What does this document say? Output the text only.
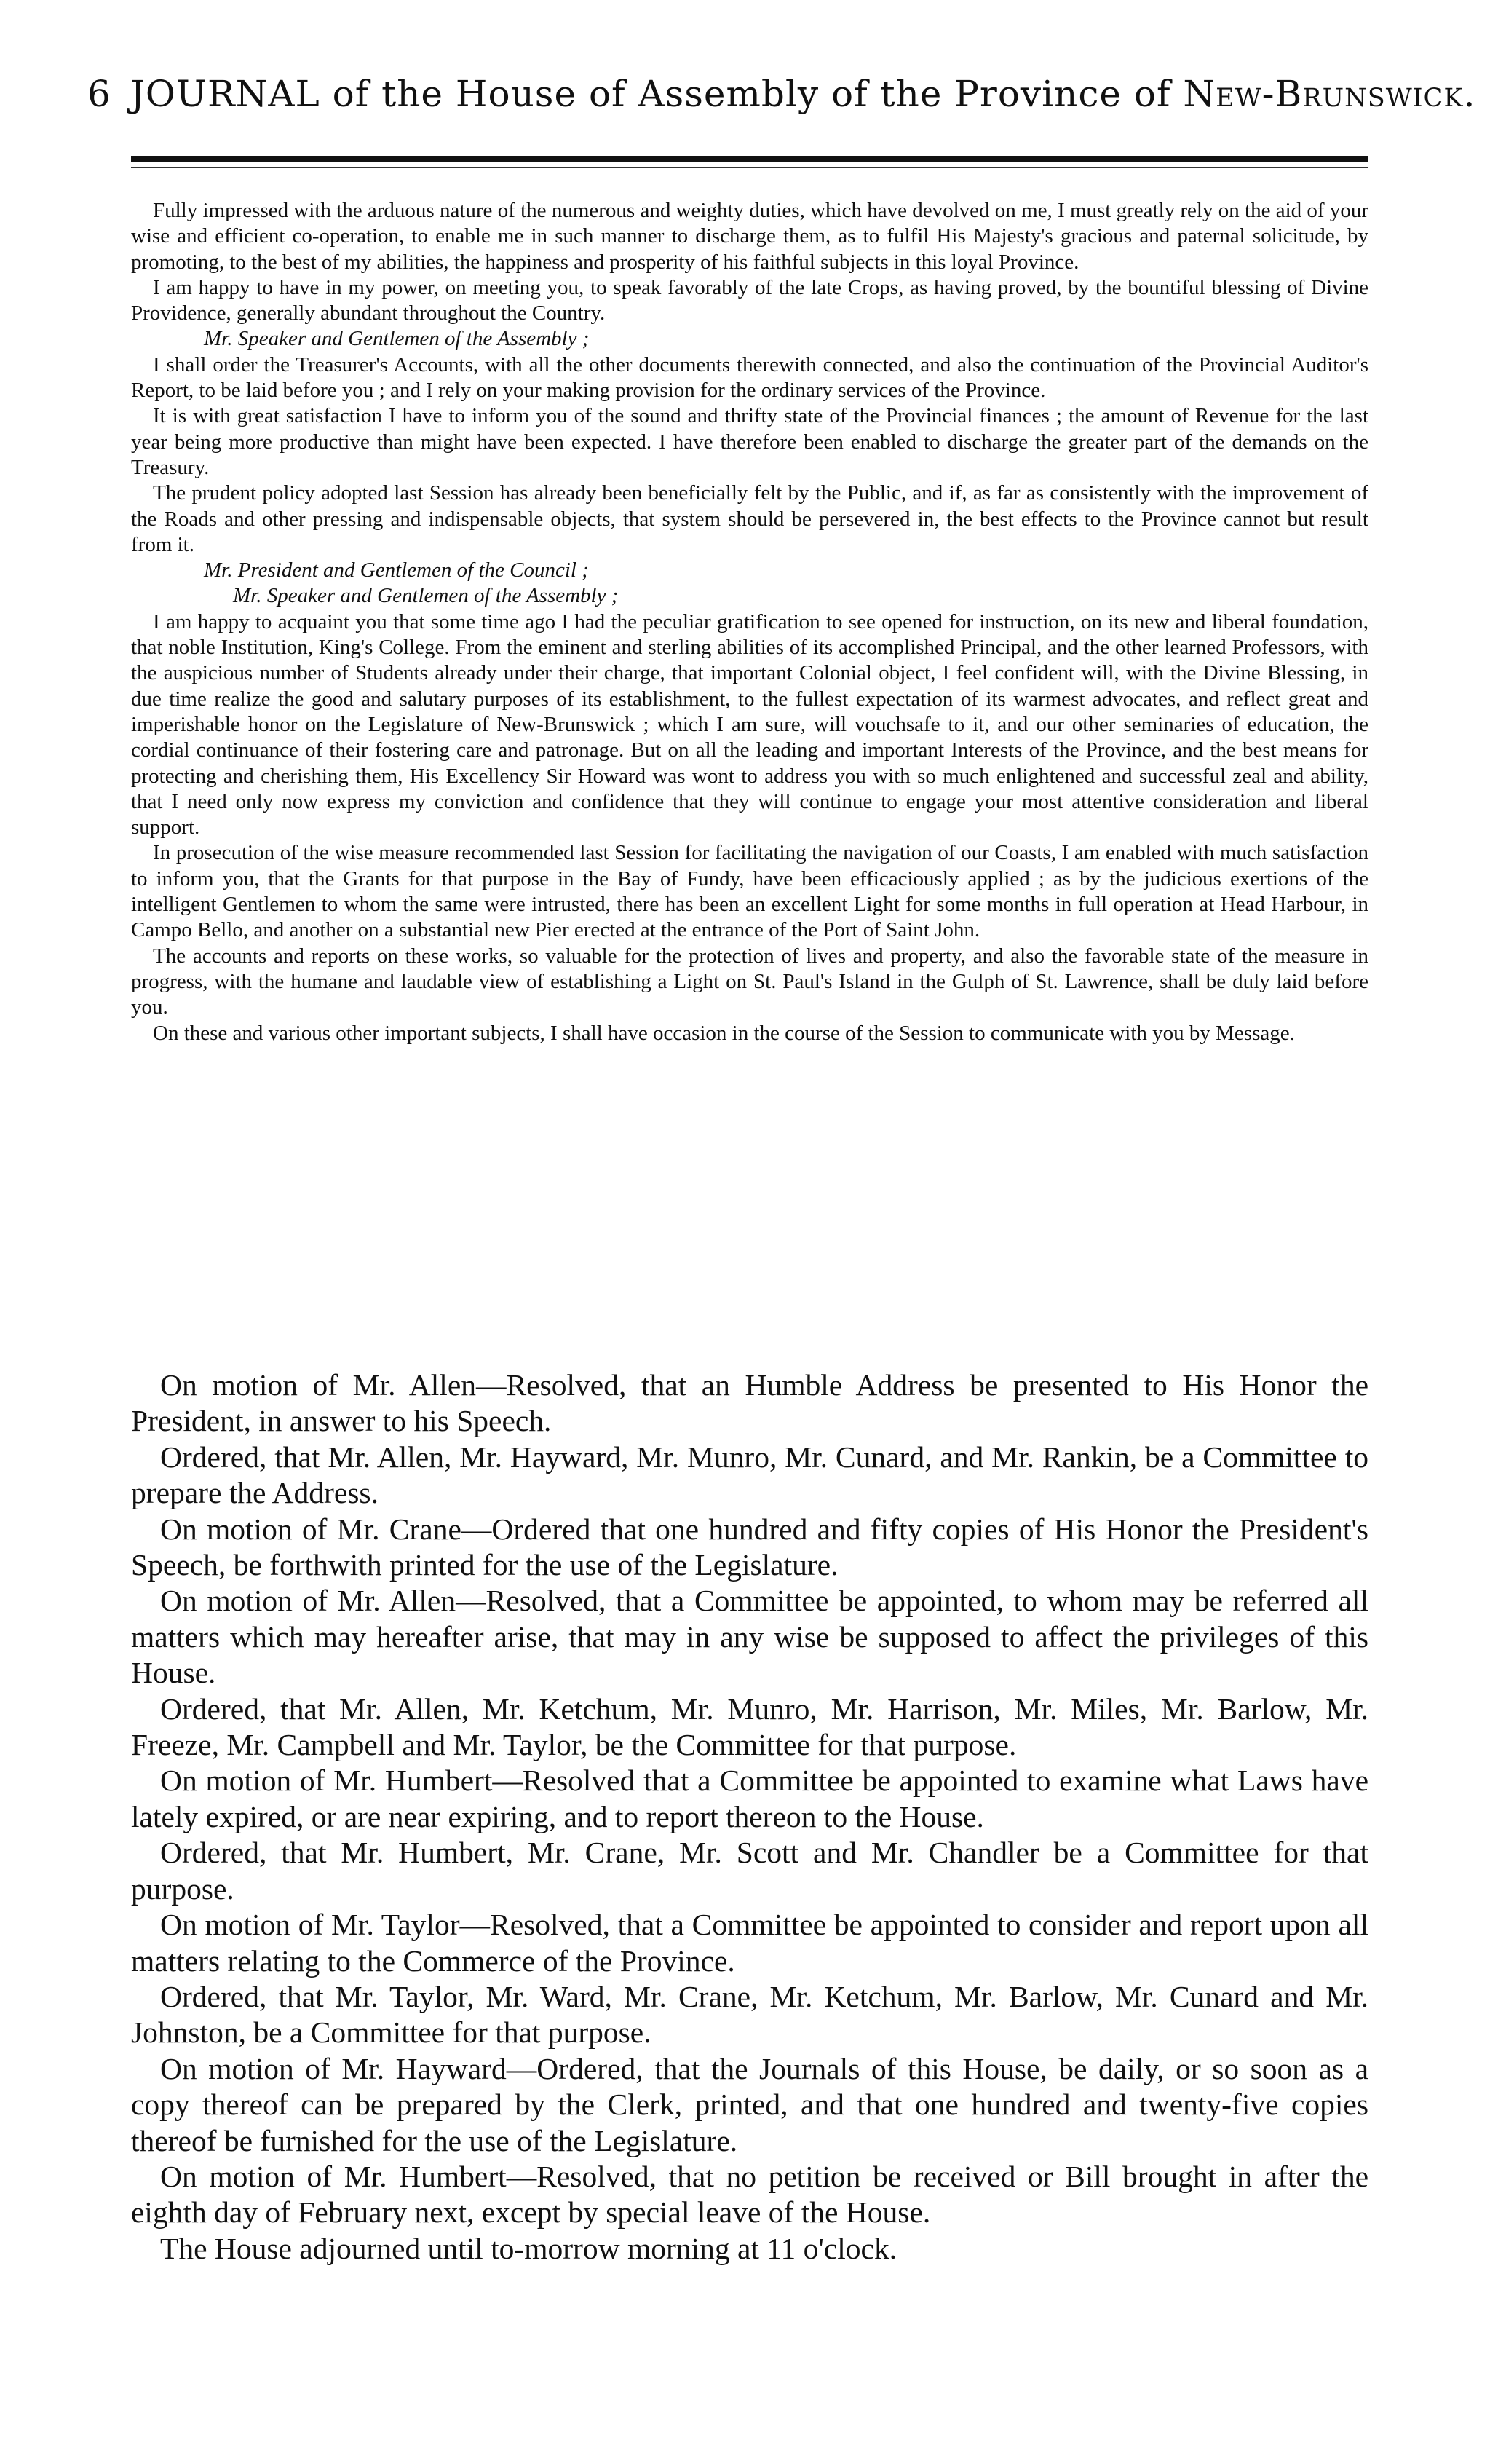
6 JOURNAL of the House of Assembly of the Province of New-Brunswick.

Fully impressed with the arduous nature of the numerous and weighty duties, which have devolved on me, I must greatly rely on the aid of your wise and efficient co-operation, to enable me in such manner to discharge them, as to fulfil His Majesty's gracious and paternal solicitude, by promoting, to the best of my abilities, the happiness and prosperity of his faithful subjects in this loyal Province.

I am happy to have in my power, on meeting you, to speak favorably of the late Crops, as having proved, by the bountiful blessing of Divine Providence, generally abundant throughout the Country.

Mr. Speaker and Gentlemen of the Assembly ;

I shall order the Treasurer's Accounts, with all the other documents therewith connected, and also the continuation of the Provincial Auditor's Report, to be laid before you ; and I rely on your making provision for the ordinary services of the Province.

It is with great satisfaction I have to inform you of the sound and thrifty state of the Provincial finances ; the amount of Revenue for the last year being more productive than might have been expected. I have therefore been enabled to discharge the greater part of the demands on the Treasury.

The prudent policy adopted last Session has already been beneficially felt by the Public, and if, as far as consistently with the improvement of the Roads and other pressing and indispensable objects, that system should be persevered in, the best effects to the Province cannot but result from it.

Mr. President and Gentlemen of the Council ;

Mr. Speaker and Gentlemen of the Assembly ;

I am happy to acquaint you that some time ago I had the peculiar gratification to see opened for instruction, on its new and liberal foundation, that noble Institution, King's College. From the eminent and sterling abilities of its accomplished Principal, and the other learned Professors, with the auspicious number of Students already under their charge, that important Colonial object, I feel confident will, with the Divine Blessing, in due time realize the good and salutary purposes of its establishment, to the fullest expectation of its warmest advocates, and reflect great and imperishable honor on the Legislature of New-Brunswick ; which I am sure, will vouchsafe to it, and our other seminaries of education, the cordial continuance of their fostering care and patronage. But on all the leading and important Interests of the Province, and the best means for protecting and cherishing them, His Excellency Sir Howard was wont to address you with so much enlightened and successful zeal and ability, that I need only now express my conviction and confidence that they will continue to engage your most attentive consideration and liberal support.

In prosecution of the wise measure recommended last Session for facilitating the navigation of our Coasts, I am enabled with much satisfaction to inform you, that the Grants for that purpose in the Bay of Fundy, have been efficaciously applied ; as by the judicious exertions of the intelligent Gentlemen to whom the same were intrusted, there has been an excellent Light for some months in full operation at Head Harbour, in Campo Bello, and another on a substantial new Pier erected at the entrance of the Port of Saint John.

The accounts and reports on these works, so valuable for the protection of lives and property, and also the favorable state of the measure in progress, with the humane and laudable view of establishing a Light on St. Paul's Island in the Gulph of St. Lawrence, shall be duly laid before you.

On these and various other important subjects, I shall have occasion in the course of the Session to communicate with you by Message.

On motion of Mr. Allen—Resolved, that an Humble Address be presented to His Honor the President, in answer to his Speech.

Ordered, that Mr. Allen, Mr. Hayward, Mr. Munro, Mr. Cunard, and Mr. Rankin, be a Committee to prepare the Address.

On motion of Mr. Crane—Ordered that one hundred and fifty copies of His Honor the President's Speech, be forthwith printed for the use of the Legislature.

On motion of Mr. Allen—Resolved, that a Committee be appointed, to whom may be referred all matters which may hereafter arise, that may in any wise be supposed to affect the privileges of this House.

Ordered, that Mr. Allen, Mr. Ketchum, Mr. Munro, Mr. Harrison, Mr. Miles, Mr. Barlow, Mr. Freeze, Mr. Campbell and Mr. Taylor, be the Committee for that purpose.

On motion of Mr. Humbert—Resolved that a Committee be appointed to examine what Laws have lately expired, or are near expiring, and to report thereon to the House.

Ordered, that Mr. Humbert, Mr. Crane, Mr. Scott and Mr. Chandler be a Committee for that purpose.

On motion of Mr. Taylor—Resolved, that a Committee be appointed to consider and report upon all matters relating to the Commerce of the Province.

Ordered, that Mr. Taylor, Mr. Ward, Mr. Crane, Mr. Ketchum, Mr. Barlow, Mr. Cunard and Mr. Johnston, be a Committee for that purpose.

On motion of Mr. Hayward—Ordered, that the Journals of this House, be daily, or so soon as a copy thereof can be prepared by the Clerk, printed, and that one hundred and twenty-five copies thereof be furnished for the use of the Legislature.

On motion of Mr. Humbert—Resolved, that no petition be received or Bill brought in after the eighth day of February next, except by special leave of the House.

The House adjourned until to-morrow morning at 11 o'clock.
